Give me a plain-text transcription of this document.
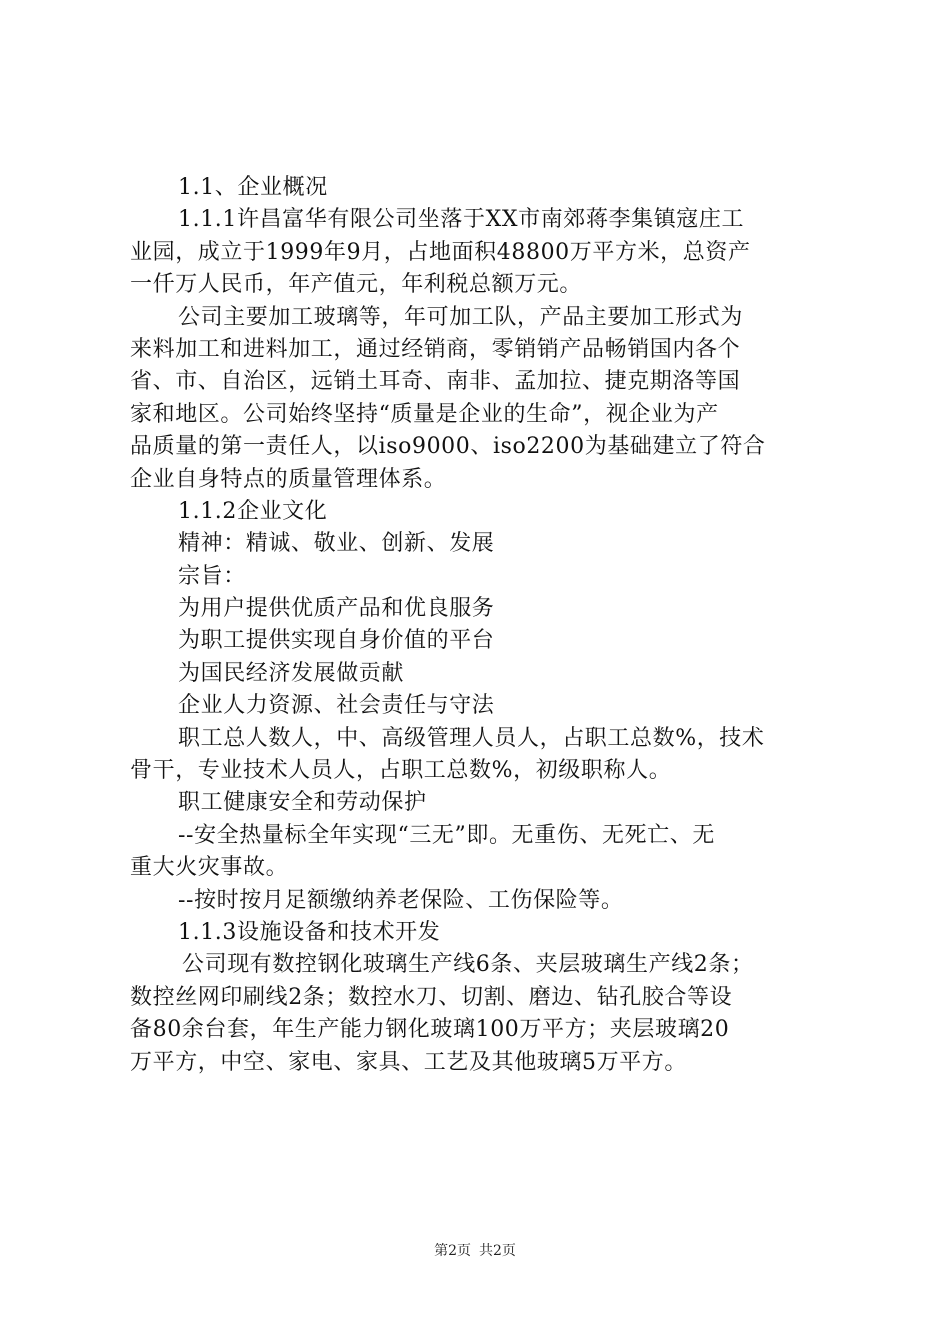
1.1、企业概况
1.1.1许昌富华有限公司坐落于XX市南郊蒋李集镇寇庄工
业园，成立于1999年9月，占地面积48800万平方米，总资产
一仟万人民币，年产值元，年利税总额万元。
公司主要加工玻璃等，年可加工队，产品主要加工形式为
来料加工和进料加工，通过经销商，零销销产品畅销国内各个
省、市、自治区，远销土耳奇、南非、孟加拉、捷克期洛等国
家和地区。公司始终坚持“质量是企业的生命”，视企业为产
品质量的第一责任人，以iso9000、iso2200为基础建立了符合
企业自身特点的质量管理体系。
1.1.2企业文化
精神：精诚、敬业、创新、发展
宗旨：
为用户提供优质产品和优良服务
为职工提供实现自身价值的平台
为国民经济发展做贡献
企业人力资源、社会责任与守法
职工总人数人，中、高级管理人员人，占职工总数%，技术
骨干，专业技术人员人，占职工总数%，初级职称人。
职工健康安全和劳动保护
--安全热量标全年实现“三无”即。无重伤、无死亡、无
重大火灾事故。
--按时按月足额缴纳养老保险、工伤保险等。
1.1.3设施设备和技术开发
公司现有数控钢化玻璃生产线6条、夹层玻璃生产线2条；
数控丝网印刷线2条；数控水刀、切割、磨边、钻孔胶合等设
备80余台套，年生产能力钢化玻璃100万平方；夹层玻璃20
万平方，中空、家电、家具、工艺及其他玻璃5万平方。
第2页 共2页
